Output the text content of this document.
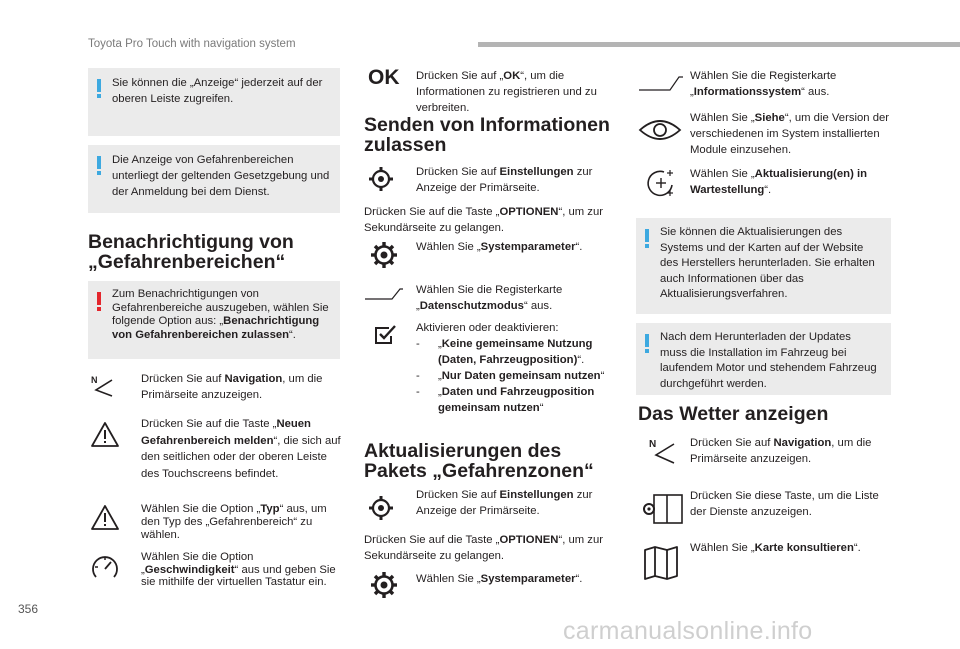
Toyota Pro Touch with navigation system
Sie können die „Anzeige“ jederzeit auf der oberen Leiste zugreifen.
Die Anzeige von Gefahrenbereichen unterliegt der geltenden Gesetzgebung und der Anmeldung bei dem Dienst.
Benachrichtigung von
„Gefahrenbereichen“
Zum Benachrichtigungen von Gefahrenbereiche auszugeben, wählen Sie folgende Option aus: „Benachrichtigung von Gefahrenbereichen zulassen“.
N	Drücken Sie auf Navigation, um die Primärseite anzuzeigen.
Drücken Sie auf die Taste „Neuen Gefahrenbereich melden“, die sich auf den seitlichen oder der oberen Leiste des Touchscreens befindet.
Wählen Sie die Option „Typ“ aus, um den Typ des „Gefahrenbereich“ zu wählen.
Wählen Sie die Option „Geschwindigkeit“ aus und geben Sie sie mithilfe der virtuellen Tastatur ein.
OK Drücken Sie auf „OK“, um die Informationen zu registrieren und zu verbreiten.
Senden von Informationen
zulassen
Drücken Sie auf Einstellungen zur Anzeige der Primärseite.
Drücken Sie auf die Taste „OPTIONEN“, um zur Sekundärseite zu gelangen.
Wählen Sie „Systemparameter“.
Wählen Sie die Registerkarte „Datenschutzmodus“ aus.
Aktivieren oder deaktivieren:
- „Keine gemeinsame Nutzung (Daten, Fahrzeugposition)“.
- „Nur Daten gemeinsam nutzen“
- „Daten und Fahrzeugposition gemeinsam nutzen“
Aktualisierungen des
Pakets „Gefahrenzonen“
Drücken Sie auf Einstellungen zur Anzeige der Primärseite.
Drücken Sie auf die Taste „OPTIONEN“, um zur Sekundärseite zu gelangen.
Wählen Sie „Systemparameter“.
Wählen Sie die Registerkarte „Informationssystem“ aus.
Wählen Sie „Siehe“, um die Version der verschiedenen im System installierten Module einzusehen.
Wählen Sie „Aktualisierung(en) in Wartestellung“.
Sie können die Aktualisierungen des Systems und der Karten auf der Website des Herstellers herunterladen. Sie erhalten auch Informationen über das Aktualisierungsverfahren.
Nach dem Herunterladen der Updates muss die Installation im Fahrzeug bei laufendem Motor und stehendem Fahrzeug durchgeführt werden.
Das Wetter anzeigen
N	Drücken Sie auf Navigation, um die Primärseite anzuzeigen.
Drücken Sie diese Taste, um die Liste der Dienste anzuzeigen.
Wählen Sie „Karte konsultieren“.
356
carmanualsonline.info
